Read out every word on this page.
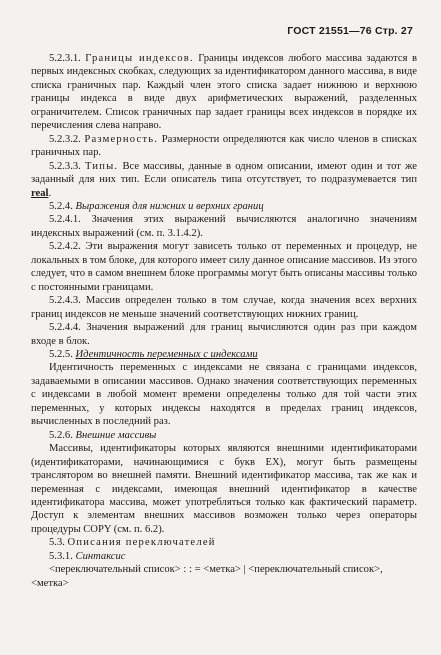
ГОСТ 21551—76 Стр. 27

5.2.3.1. Границы индексов. Границы индексов любого массива задаются в первых индексных скобках, следующих за идентификатором данного массива, в виде списка граничных пар. Каждый член этого списка задает нижнюю и верхнюю границы индекса в виде двух арифметических выражений, разделенных ограничителем. Список граничных пар задает границы всех индексов в порядке их перечисления слева направо.

5.2.3.2. Размерность. Размерности определяются как число членов в списках граничных пар.

5.2.3.3. Типы. Все массивы, данные в одном описании, имеют один и тот же заданный для них тип. Если описатель типа отсутствует, то подразумевается тип real.

5.2.4. Выражения для нижних и верхних границ

5.2.4.1. Значения этих выражений вычисляются аналогично значениям индексных выражений (см. п. 3.1.4.2).

5.2.4.2. Эти выражения могут зависеть только от переменных и процедур, не локальных в том блоке, для которого имеет силу данное описание массивов. Из этого следует, что в самом внешнем блоке программы могут быть описаны массивы только с постоянными границами.

5.2.4.3. Массив определен только в том случае, когда значения всех верхних границ индексов не меньше значений соответствующих нижних границ.

5.2.4.4. Значения выражений для границ вычисляются один раз при каждом входе в блок.

5.2.5. Идентичность переменных с индексами

Идентичность переменных с индексами не связана с границами индексов, задаваемыми в описании массивов. Однако значения соответствующих переменных с индексами в любой момент времени определены только для той части этих переменных, у которых индексы находятся в пределах границ индексов, вычисленных в последний раз.

5.2.6. Внешние массивы

Массивы, идентификаторы которых являются внешними идентификаторами (идентификаторами, начинающимися с букв EX), могут быть размещены транслятором во внешней памяти. Внешний идентификатор массива, так же как и переменная с индексами, имеющая внешний идентификатор в качестве идентификатора массива, может употребляться только как фактический параметр. Доступ к элементам внешних массивов возможен только через операторы процедуры COPY (см. п. 6.2).

5.3. Описания переключателей

5.3.1. Синтаксис

<переключательный список> : : = <метка> | <переключательный список>, <метка>
